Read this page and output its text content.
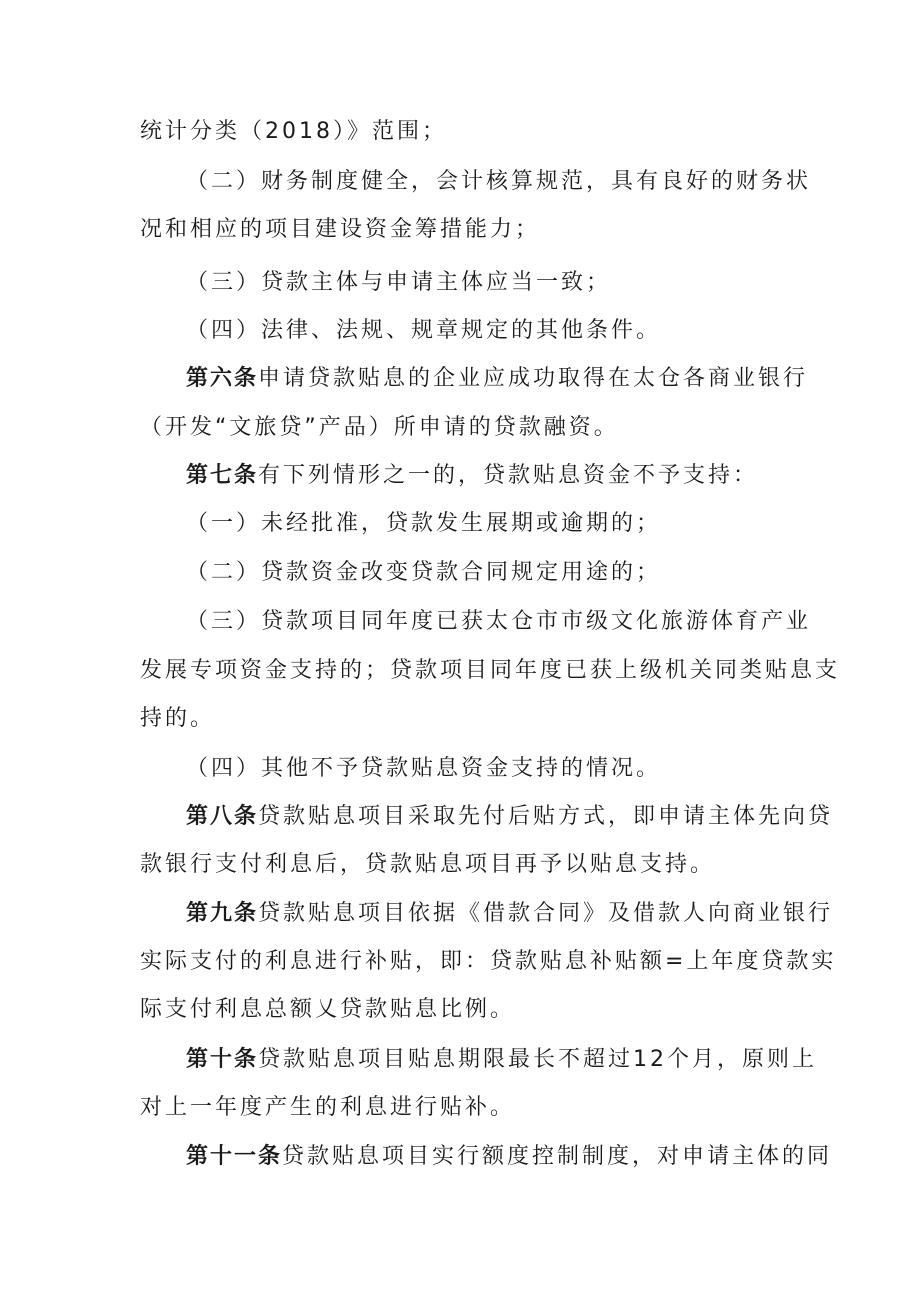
统计分类（2018）》范围；
（二）财务制度健全，会计核算规范，具有良好的财务状
况和相应的项目建设资金筹措能力；
（三）贷款主体与申请主体应当一致；
（四）法律、法规、规章规定的其他条件。
第六条申请贷款贴息的企业应成功取得在太仓各商业银行
（开发“文旅贷”产品）所申请的贷款融资。
第七条有下列情形之一的，贷款贴息资金不予支持：
（一）未经批准，贷款发生展期或逾期的；
（二）贷款资金改变贷款合同规定用途的；
（三）贷款项目同年度已获太仓市市级文化旅游体育产业
发展专项资金支持的；贷款项目同年度已获上级机关同类贴息支
持的。
（四）其他不予贷款贴息资金支持的情况。
第八条贷款贴息项目采取先付后贴方式，即申请主体先向贷
款银行支付利息后，贷款贴息项目再予以贴息支持。
第九条贷款贴息项目依据《借款合同》及借款人向商业银行
实际支付的利息进行补贴，即：贷款贴息补贴额=上年度贷款实
际支付利息总额乂贷款贴息比例。
第十条贷款贴息项目贴息期限最长不超过12个月，原则上
对上一年度产生的利息进行贴补。
第十一条贷款贴息项目实行额度控制制度，对申请主体的同
